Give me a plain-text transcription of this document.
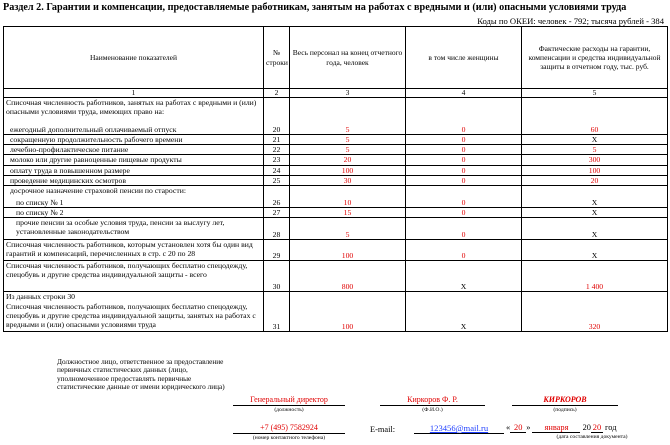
Раздел 2. Гарантии и компенсации, предоставляемые работникам, занятым на работах с вредными и (или) опасными условиями труда
Коды по ОКЕИ: человек - 792; тысяча рублей - 384
Наименование показателей	№ строки	Весь персонал на конец отчетного года, человек	в том числе женщины	Фактические расходы на гарантии, компенсации и средства индивидуальной защиты в отчетном году, тыс. руб.
1	2	3	4	5
Списочная численность работников, занятых на работах с вредными и (или) опасными условиями труда, имеющих право на:				
ежегодный дополнительный оплачиваемый отпуск	20	5	0	60
сокращенную продолжительность рабочего времени	21	5	0	X
лечебно-профилактическое питание	22	5	0	5
молоко или другие равноценные пищевые продукты	23	20	0	300
оплату труда в повышенном размере	24	100	0	100
проведение медицинских осмотров	25	30	0	20
досрочное назначение страховой пенсии по старости:				
по списку № 1	26	10	0	X
по списку № 2	27	15	0	X
прочие пенсии за особые условия труда, пенсии за выслугу лет, установленные законодательством	28	5	0	X
Списочная численность работников, которым установлен хотя бы один вид гарантий и компенсаций, перечисленных в стр. с 20 по 28	29	100	0	X
Списочная численность работников, получающих бесплатно спецодежду, спецобувь и другие средства индивидуальной защиты - всего	30	800	X	1 400
Из данных строки 30				
Списочная численность работников, получающих бесплатно спецодежду, спецобувь и другие средства индивидуальной защиты, занятых на работах с вредными и (или) опасными условиями труда	31	100	X	320
Должностное лицо, ответственное за предоставление первичных статистических данных (лицо, уполномоченное предоставлять первичные статистические данные от имени юридического лица)
Генеральный директор
(должность)
Киркоров Ф. Р.
(Ф.И.О.)
КИРКОРОВ
(подпись)
+7 (495) 7582924
(номер контактного телефона)
E-mail:	123456@mail.ru	« 20 » января 20 20 год
(дата составления документа)
